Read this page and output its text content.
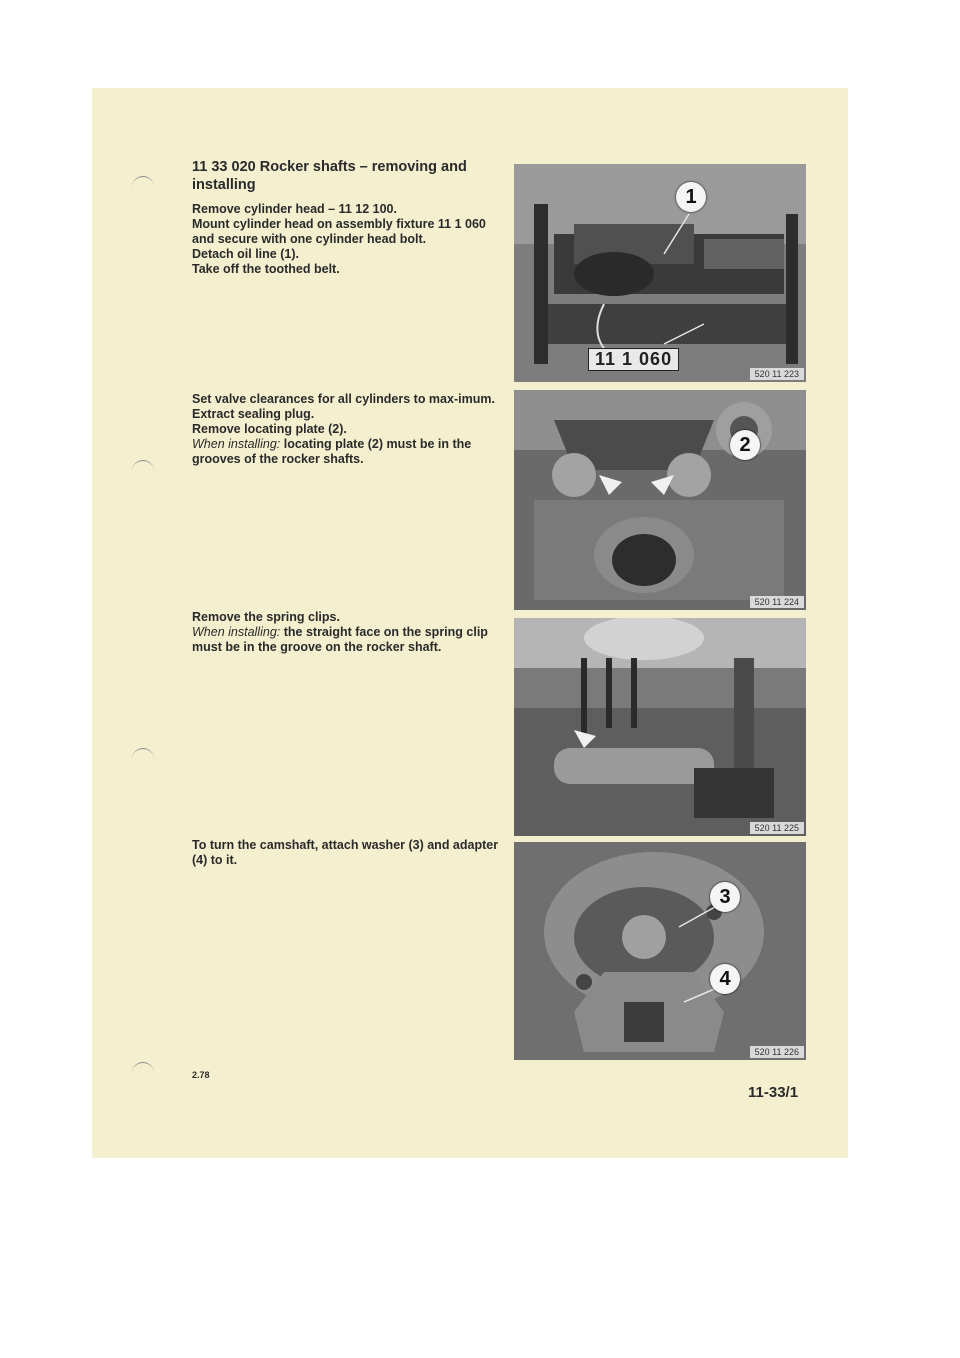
11 33 020 Rocker shafts – removing and installing

Remove cylinder head – 11 12 100.

Mount cylinder head on assembly fixture 11 1 060 and secure with one cylinder head bolt.

Detach oil line (1).

Take off the toothed belt.

Set valve clearances for all cylinders to max-imum.

Extract sealing plug.

Remove locating plate (2).

When installing: locating plate (2) must be in the grooves of the rocker shafts.

Remove the spring clips.

When installing: the straight face on the spring clip must be in the groove on the rocker shaft.

To turn the camshaft, attach washer (3) and adapter (4) to it.

1
11 1 060
520 11 223
2
520 11 224
520 11 225
3
4
520 11 226
2.78
11-33/1
